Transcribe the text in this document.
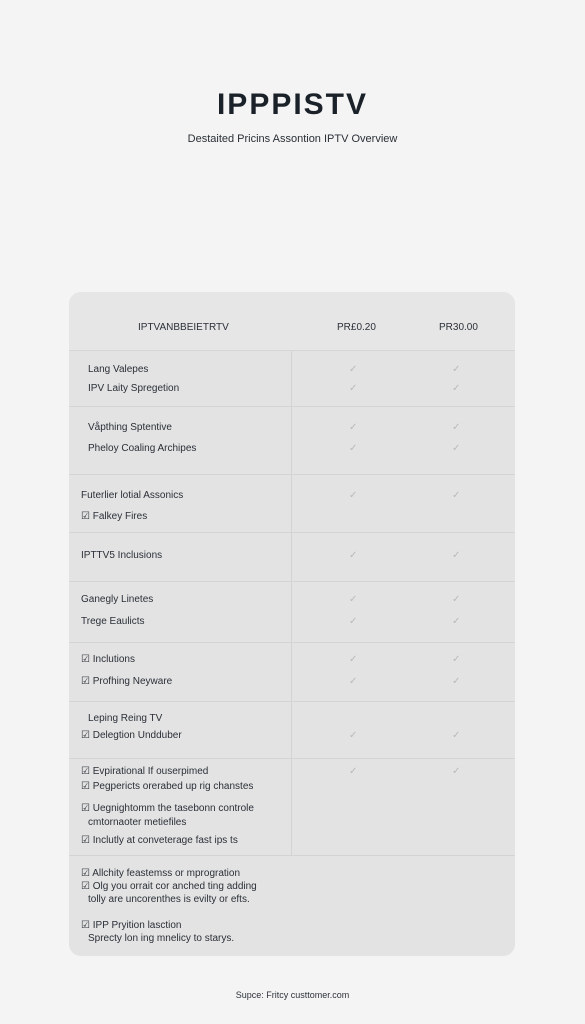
IPPPISTV
Destaited Pricins Assontion IPTV Overview
IPTVANBBEIETRTV	PR£0.20	PR30.00
Lang Valepes	✓	✓
IPV Laity Spregetion	✓	✓
Våpthing Sptentive	✓	✓
Pheloy Coaling Archipes	✓	✓
Futerlier lotial Assonics	✓	✓
☑ Falkey Fires
IPTTV5 Inclusions	✓	✓
Ganegly Linetes	✓	✓
Trege Eaulicts	✓	✓
☑ Inclutions	✓	✓
☑ Profhing Neyware	✓	✓
Leping Reing TV
☑ Delegtion Undduber	✓	✓
☑ Evpirational If ouserpimed	✓	✓
☑ Pegpericts orerabed up rig chanstes
☑ Uegnightomm the tasebonn controle
cmtornaoter metiefiles
☑ Inclutly at conveterage fast ips ts
☑ Allchity feastemss or mprogration
☑ Olg you orrait cor anched ting adding
tolly are uncorenthes is evilty or efts.
☑ IPP Pryition lasction
Sprecty lon ing mnelicy to starys.
Supce: Fritcy custtomer.com
